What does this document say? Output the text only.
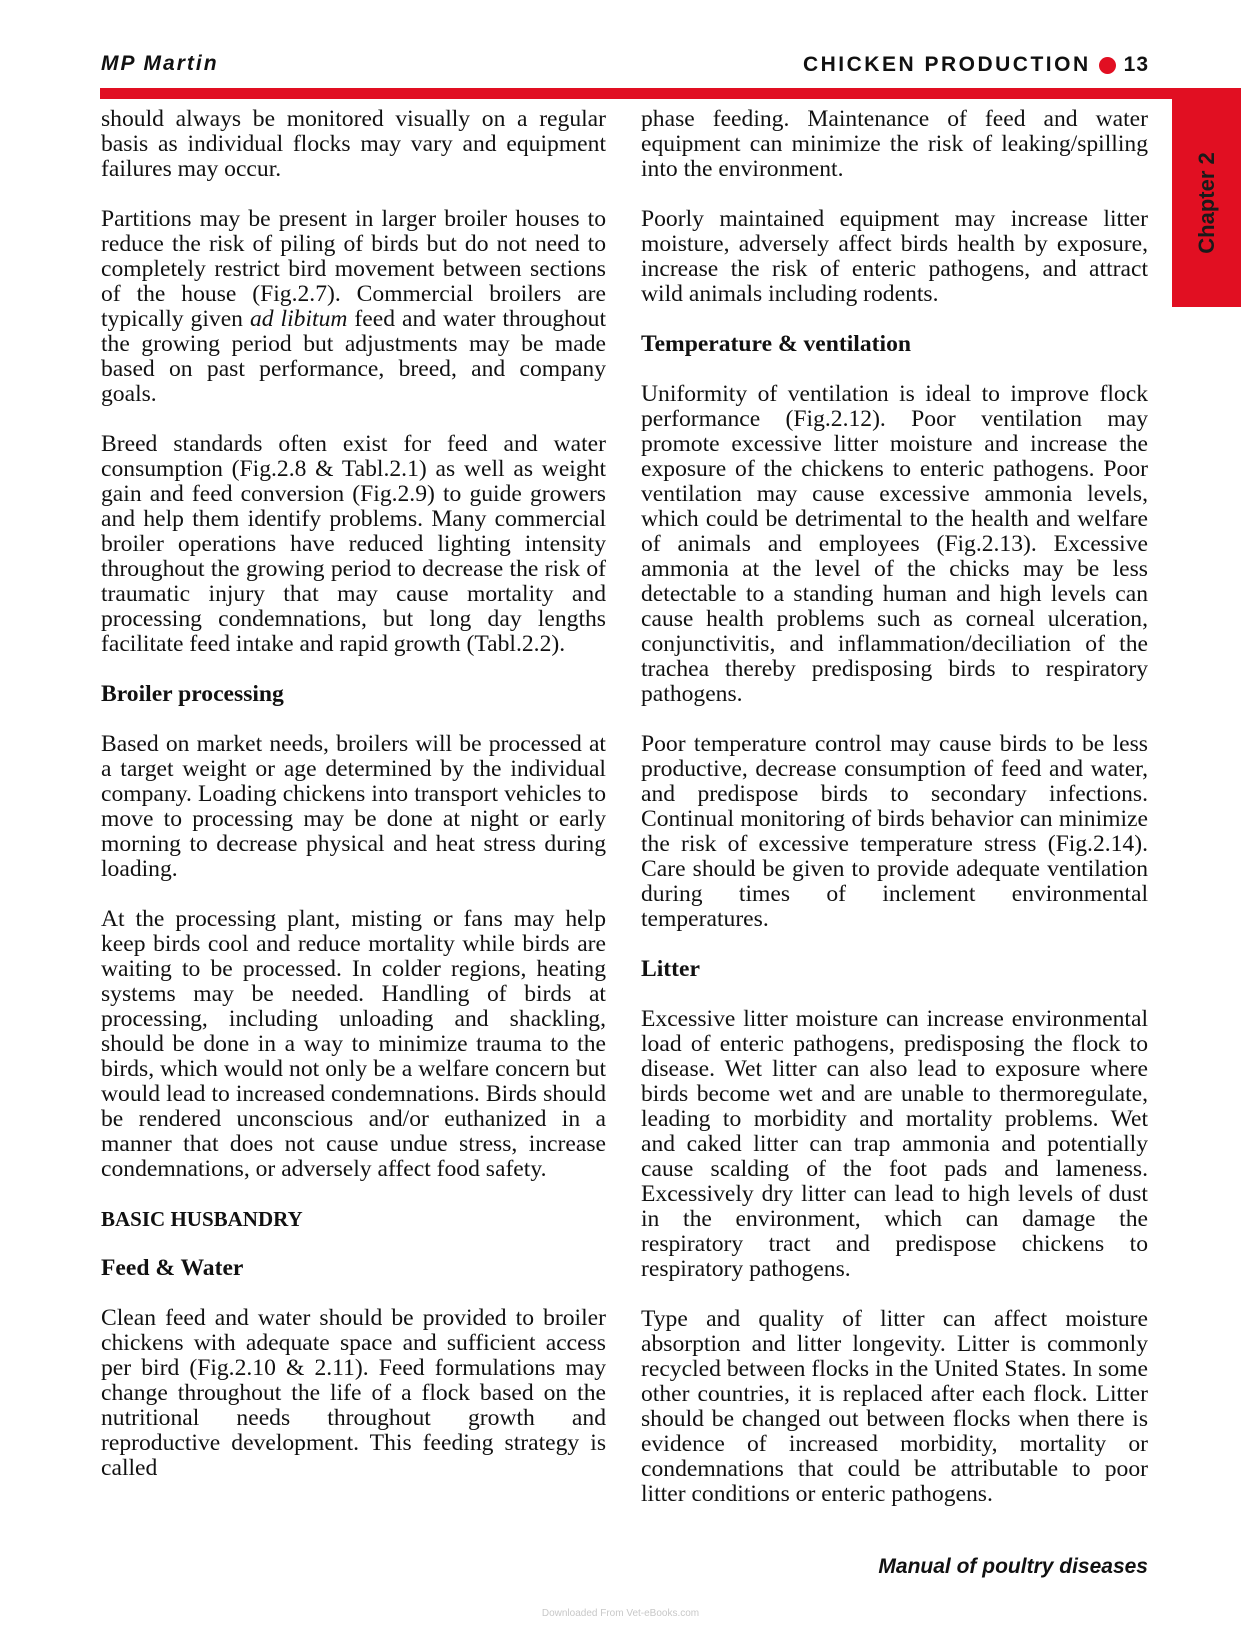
MP Martin	CHICKEN PRODUCTION 13
Chapter 2

should always be monitored visually on a regular basis as individual flocks may vary and equipment failures may occur.

Partitions may be present in larger broiler houses to reduce the risk of piling of birds but do not need to completely restrict bird movement between sections of the house (Fig.2.7). Commercial broilers are typically given ad libitum feed and water throughout the growing period but adjustments may be made based on past performance, breed, and company goals.

Breed standards often exist for feed and water consumption (Fig.2.8 & Tabl.2.1) as well as weight gain and feed conversion (Fig.2.9) to guide growers and help them identify problems. Many commercial broiler operations have reduced lighting intensity throughout the growing period to decrease the risk of traumatic injury that may cause mortality and processing condemnations, but long day lengths facilitate feed intake and rapid growth (Tabl.2.2).

Broiler processing

Based on market needs, broilers will be processed at a target weight or age determined by the individual company. Loading chickens into transport vehicles to move to processing may be done at night or early morning to decrease physical and heat stress during loading.

At the processing plant, misting or fans may help keep birds cool and reduce mortality while birds are waiting to be processed. In colder regions, heating systems may be needed. Handling of birds at processing, including unloading and shackling, should be done in a way to minimize trauma to the birds, which would not only be a welfare concern but would lead to increased condemnations. Birds should be rendered unconscious and/or euthanized in a manner that does not cause undue stress, increase condemnations, or adversely affect food safety.

BASIC HUSBANDRY
Feed & Water

Clean feed and water should be provided to broiler chickens with adequate space and sufficient access per bird (Fig.2.10 & 2.11). Feed formulations may change throughout the life of a flock based on the nutritional needs throughout growth and reproductive development. This feeding strategy is called

phase feeding. Maintenance of feed and water equipment can minimize the risk of leaking/spilling into the environment.

Poorly maintained equipment may increase litter moisture, adversely affect birds health by exposure, increase the risk of enteric pathogens, and attract wild animals including rodents.

Temperature & ventilation

Uniformity of ventilation is ideal to improve flock performance (Fig.2.12). Poor ventilation may promote excessive litter moisture and increase the exposure of the chickens to enteric pathogens. Poor ventilation may cause excessive ammonia levels, which could be detrimental to the health and welfare of animals and employees (Fig.2.13). Excessive ammonia at the level of the chicks may be less detectable to a standing human and high levels can cause health problems such as corneal ulceration, conjunctivitis, and inflammation/deciliation of the trachea thereby predisposing birds to respiratory pathogens.

Poor temperature control may cause birds to be less productive, decrease consumption of feed and water, and predispose birds to secondary infections. Continual monitoring of birds behavior can minimize the risk of excessive temperature stress (Fig.2.14). Care should be given to provide adequate ventilation during times of inclement environmental temperatures.

Litter

Excessive litter moisture can increase environmental load of enteric pathogens, predisposing the flock to disease. Wet litter can also lead to exposure where birds become wet and are unable to thermoregulate, leading to morbidity and mortality problems. Wet and caked litter can trap ammonia and potentially cause scalding of the foot pads and lameness. Excessively dry litter can lead to high levels of dust in the environment, which can damage the respiratory tract and predispose chickens to respiratory pathogens.

Type and quality of litter can affect moisture absorption and litter longevity. Litter is commonly recycled between flocks in the United States. In some other countries, it is replaced after each flock. Litter should be changed out between flocks when there is evidence of increased morbidity, mortality or condemnations that could be attributable to poor litter conditions or enteric pathogens.

Manual of poultry diseases
Downloaded From Vet-eBooks.com
